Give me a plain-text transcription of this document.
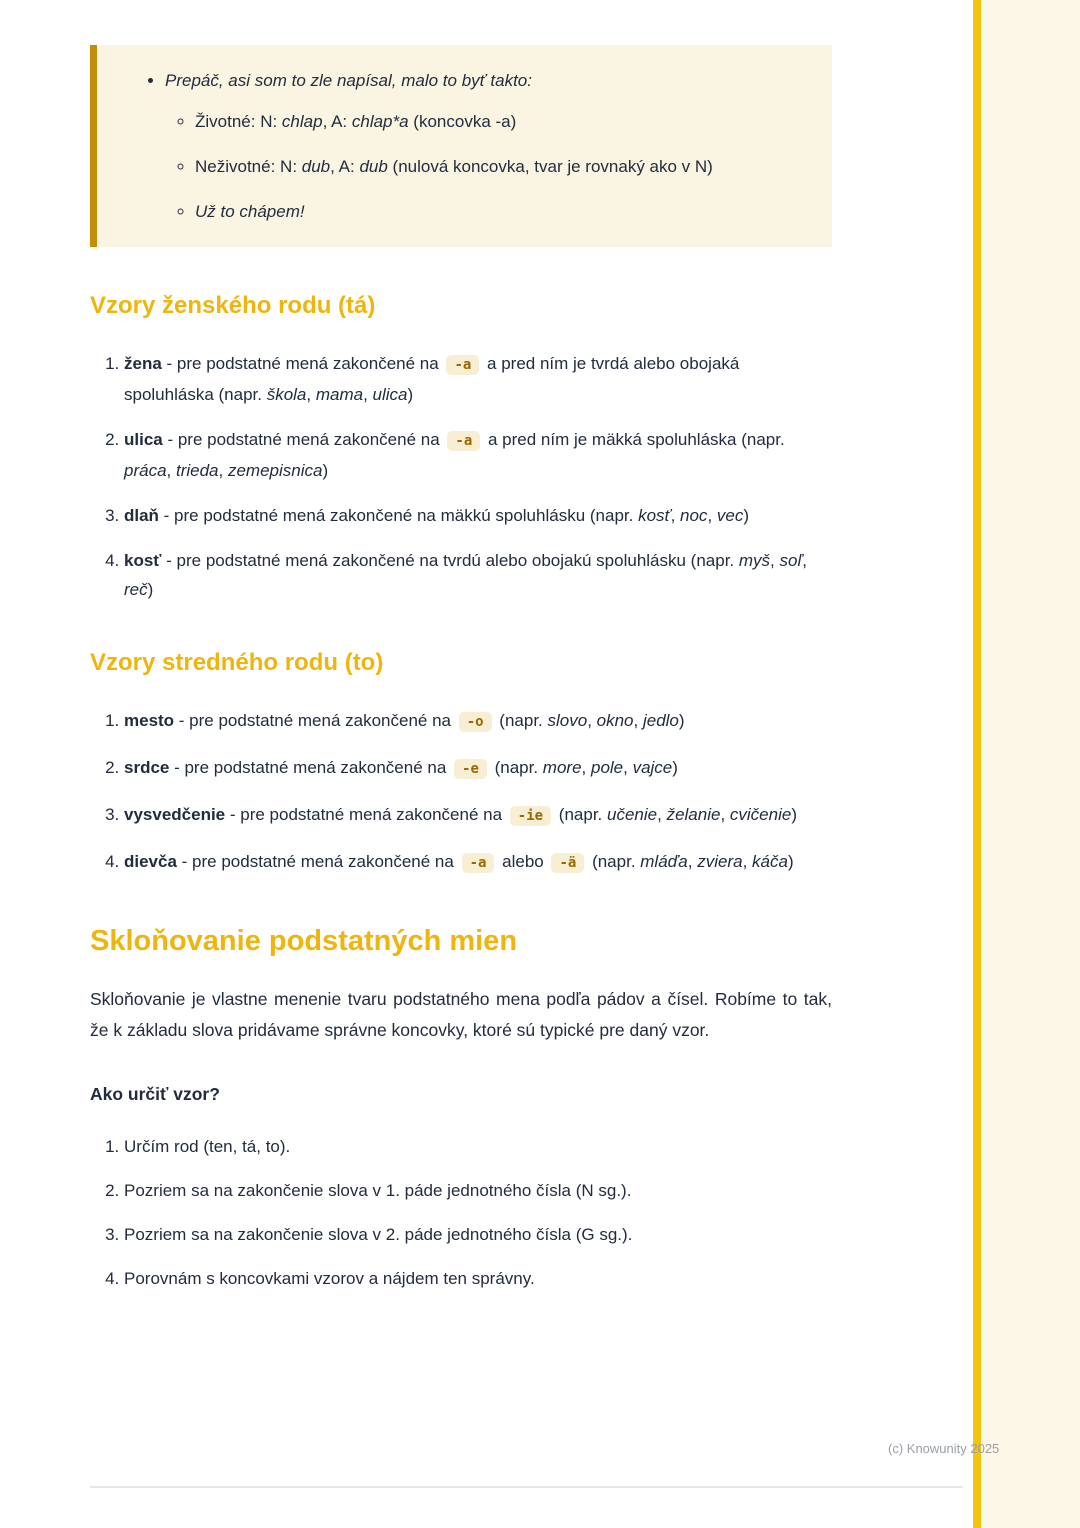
• Prepáč, asi som to zle napísal, malo to byť takto:
◦ Životné: N: chlap, A: chlap*a (koncovka -a)
◦ Neživotné: N: dub, A: dub (nulová koncovka, tvar je rovnaký ako v N)
◦ Už to chápem!
Vzory ženského rodu (tá)
1. žena - pre podstatné mená zakončené na -a a pred ním je tvrdá alebo obojaká spoluhláska (napr. škola, mama, ulica)
2. ulica - pre podstatné mená zakončené na -a a pred ním je mäkká spoluhláska (napr. práca, trieda, zemepisnica)
3. dlaň - pre podstatné mená zakončené na mäkkú spoluhlásku (napr. kosť, noc, vec)
4. kosť - pre podstatné mená zakončené na tvrdú alebo obojakú spoluhlásku (napr. myš, soľ, reč)
Vzory stredného rodu (to)
1. mesto - pre podstatné mená zakončené na -o (napr. slovo, okno, jedlo)
2. srdce - pre podstatné mená zakončené na -e (napr. more, pole, vajce)
3. vysvedčenie - pre podstatné mená zakončené na -ie (napr. učenie, želanie, cvičenie)
4. dievča - pre podstatné mená zakončené na -a alebo -ä (napr. mláďa, zviera, káča)
Skloňovanie podstatných mien

Skloňovanie je vlastne menenie tvaru podstatného mena podľa pádov a čísel. Robíme to tak, že k základu slova pridávame správne koncovky, ktoré sú typické pre daný vzor.

Ako určiť vzor?

1. Určím rod (ten, tá, to).
2. Pozriem sa na zakončenie slova v 1. páde jednotného čísla (N sg.).
3. Pozriem sa na zakončenie slova v 2. páde jednotného čísla (G sg.).
4. Porovnám s koncovkami vzorov a nájdem ten správny.
(c) Knowunity 2025
